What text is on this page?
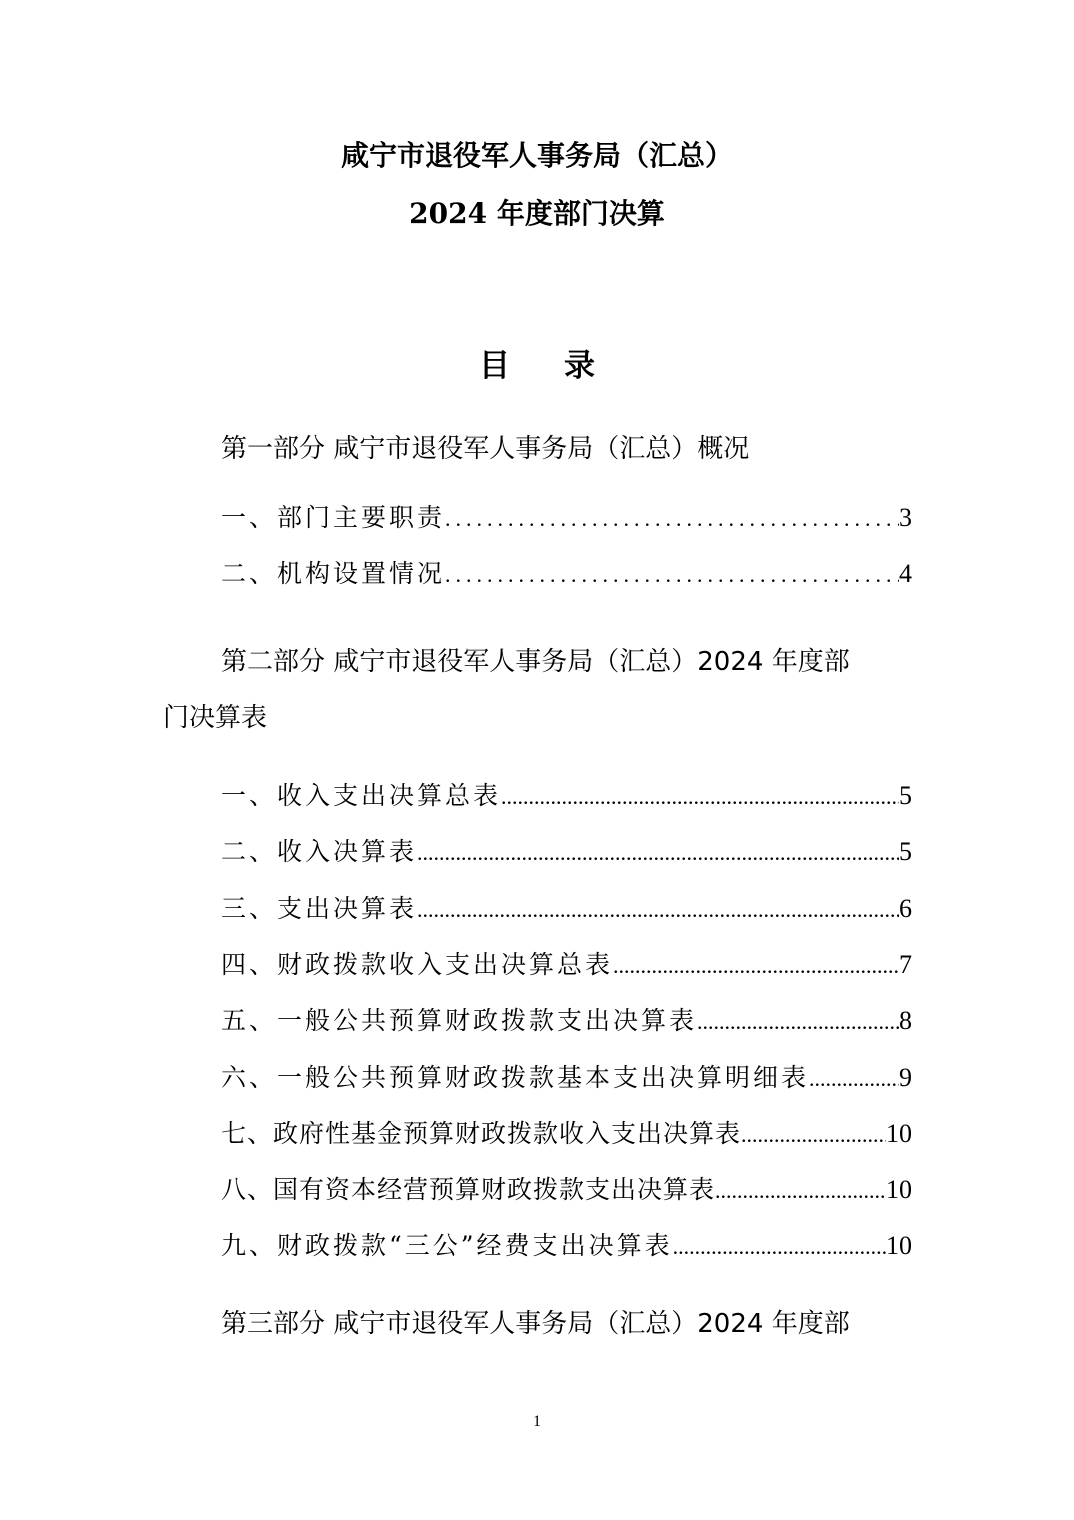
咸宁市退役军人事务局（汇总）
2024 年度部门决算
目录
第一部分 咸宁市退役军人事务局（汇总）概况
一、部门主要职责 .....	3
二、机构设置情况 .....	4
第二部分 咸宁市退役军人事务局（汇总）2024 年度部
门决算表
一、收入支出决算总表 .....	5
二、收入决算表 .....	5
三、支出决算表 .....	6
四、财政拨款收入支出决算总表 .....	7
五、一般公共预算财政拨款支出决算表 .....	8
六、一般公共预算财政拨款基本支出决算明细表 .....	9
七、政府性基金预算财政拨款收入支出决算表 .....	10
八、国有资本经营预算财政拨款支出决算表 .....	10
九、财政拨款“三公”经费支出决算表 .....	10
第三部分 咸宁市退役军人事务局（汇总）2024 年度部
1
